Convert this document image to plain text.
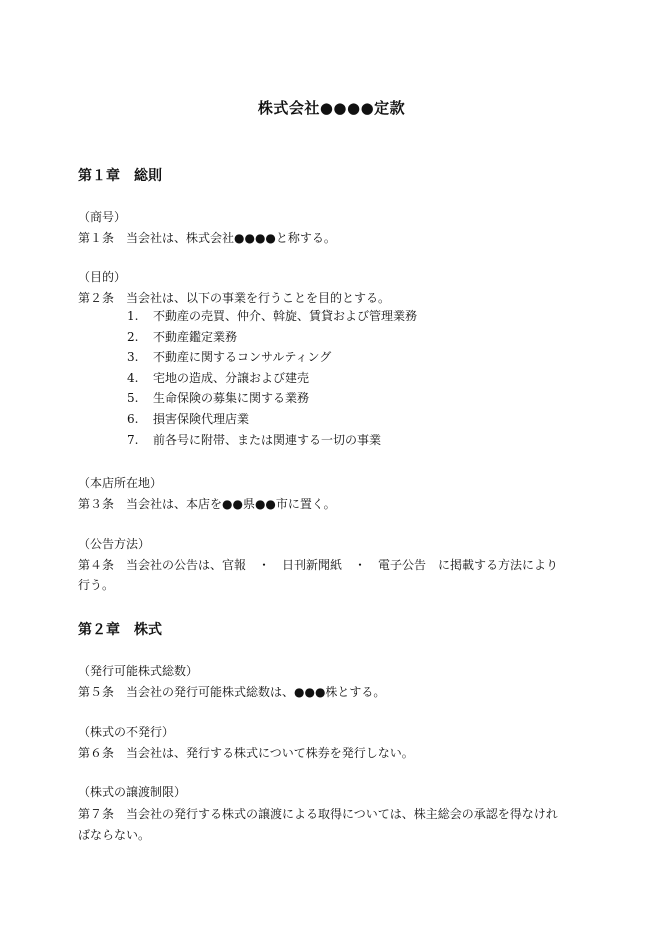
株式会社●●●●定款
第１章　総則
（商号）
第１条　当会社は、株式会社●●●●と称する。
（目的）
第２条　当会社は、以下の事業を行うことを目的とする。
1. 不動産の売買、仲介、斡旋、賃貸および管理業務
2. 不動産鑑定業務
3. 不動産に関するコンサルティング
4. 宅地の造成、分譲および建売
5. 生命保険の募集に関する業務
6. 損害保険代理店業
7. 前各号に附帯、または関連する一切の事業
（本店所在地）
第３条　当会社は、本店を●●県●●市に置く。
（公告方法）
第４条　当会社の公告は、官報　・　日刊新聞紙　・　電子公告　に掲載する方法により
行う。
第２章　株式
（発行可能株式総数）
第５条　当会社の発行可能株式総数は、●●●株とする。
（株式の不発行）
第６条　当会社は、発行する株式について株券を発行しない。
（株式の譲渡制限）
第７条　当会社の発行する株式の譲渡による取得については、株主総会の承認を得なけれ
ばならない。
